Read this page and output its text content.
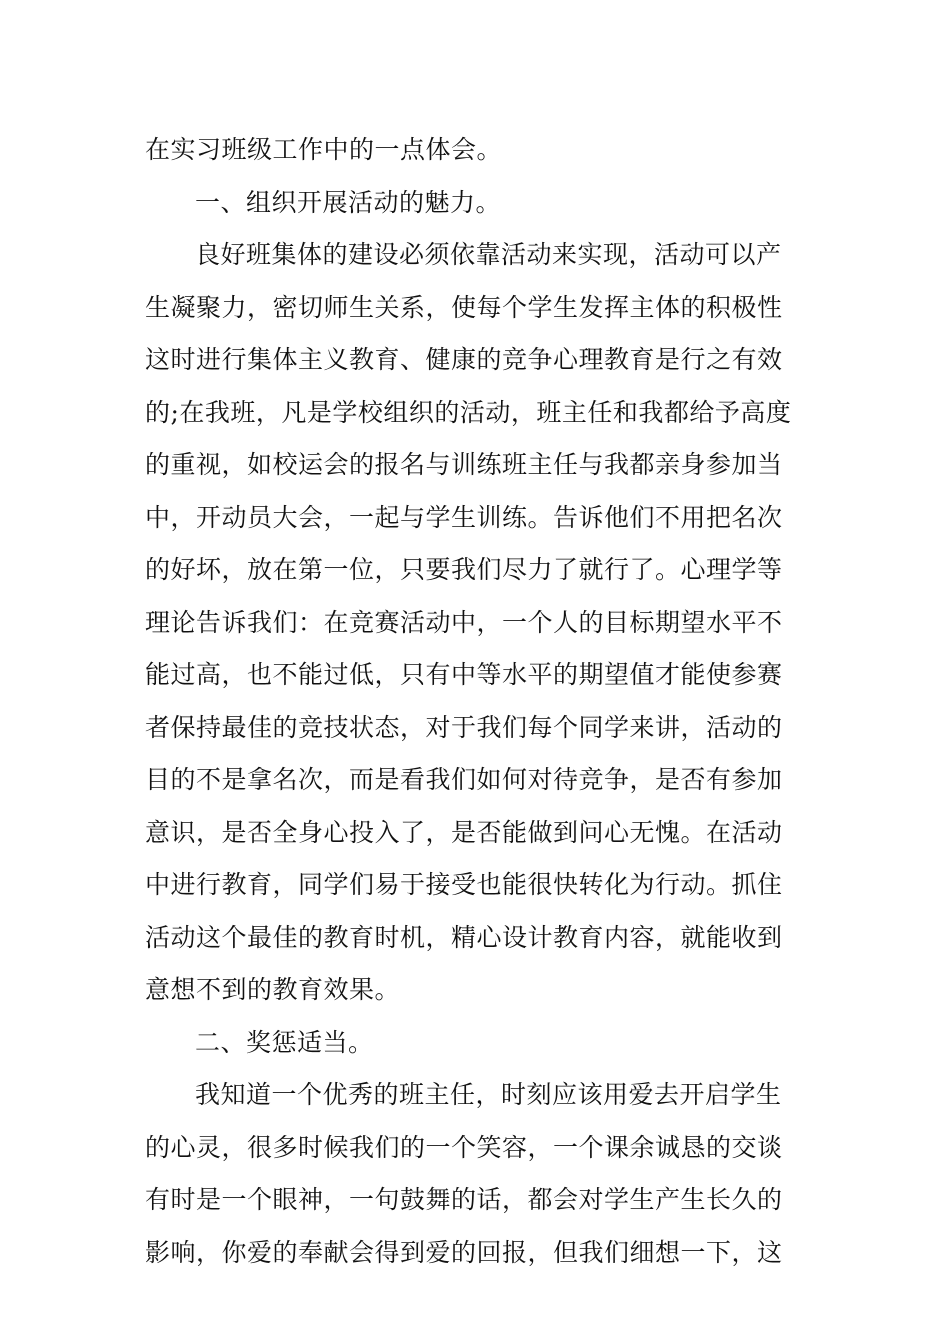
在实习班级工作中的一点体会。
一、组织开展活动的魅力。
良好班集体的建设必须依靠活动来实现，活动可以产
生凝聚力，密切师生关系，使每个学生发挥主体的积极性
这时进行集体主义教育、健康的竞争心理教育是行之有效
的;在我班，凡是学校组织的活动，班主任和我都给予高度
的重视，如校运会的报名与训练班主任与我都亲身参加当
中，开动员大会，一起与学生训练。告诉他们不用把名次
的好坏，放在第一位，只要我们尽力了就行了。心理学等
理论告诉我们：在竞赛活动中，一个人的目标期望水平不
能过高，也不能过低，只有中等水平的期望值才能使参赛
者保持最佳的竞技状态，对于我们每个同学来讲，活动的
目的不是拿名次，而是看我们如何对待竞争，是否有参加
意识，是否全身心投入了，是否能做到问心无愧。在活动
中进行教育，同学们易于接受也能很快转化为行动。抓住
活动这个最佳的教育时机，精心设计教育内容，就能收到
意想不到的教育效果。
二、奖惩适当。
我知道一个优秀的班主任，时刻应该用爱去开启学生
的心灵，很多时候我们的一个笑容，一个课余诚恳的交谈
有时是一个眼神，一句鼓舞的话，都会对学生产生长久的
影响，你爱的奉献会得到爱的回报，但我们细想一下，这
